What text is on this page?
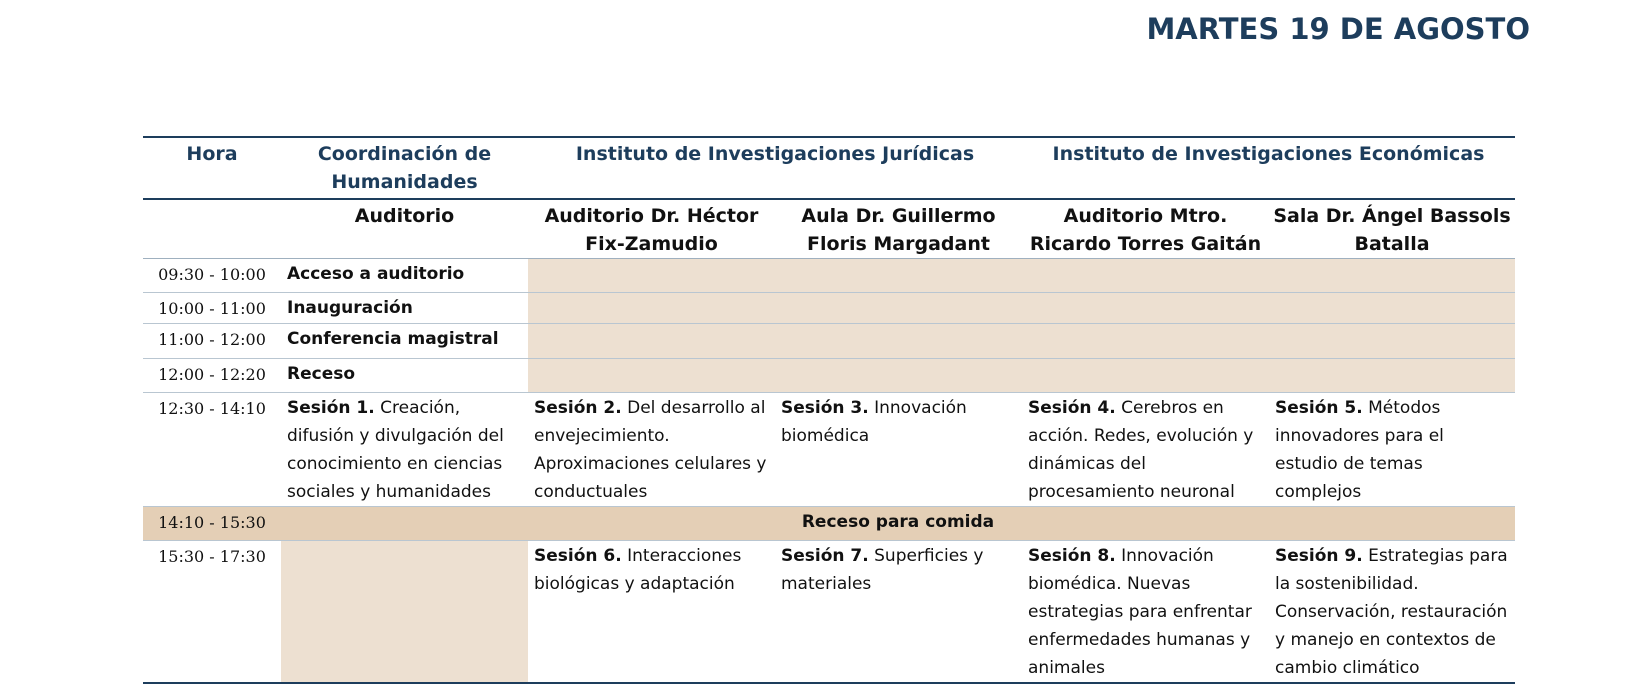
MARTES 19 DE AGOSTO
Hora	Coordinación de Humanidades	Instituto de Investigaciones Jurídicas		Instituto de Investigaciones Económicas	
	Auditorio	Auditorio Dr. Héctor Fix-Zamudio	Aula Dr. Guillermo Floris Margadant	Auditorio Mtro. Ricardo Torres Gaitán	Sala Dr. Ángel Bassols Batalla
09:30 - 10:00	Acceso a auditorio				
10:00 - 11:00	Inauguración				
11:00 - 12:00	Conferencia magistral				
12:00 - 12:20	Receso				
12:30 - 14:10	Sesión 1. Creación, difusión y divulgación del conocimiento en ciencias sociales y humanidades	Sesión 2. Del desarrollo al envejecimiento. Aproximaciones celulares y conductuales	Sesión 3. Innovación biomédica	Sesión 4. Cerebros en acción. Redes, evolución y dinámicas del procesamiento neuronal	Sesión 5. Métodos innovadores para el estudio de temas complejos
14:10 - 15:30	Receso para comida				
15:30 - 17:30		Sesión 6. Interacciones biológicas y adaptación	Sesión 7. Superficies y materiales	Sesión 8. Innovación biomédica. Nuevas estrategias para enfrentar enfermedades humanas y animales	Sesión 9. Estrategias para la sostenibilidad. Conservación, restauración y manejo en contextos de cambio climático
